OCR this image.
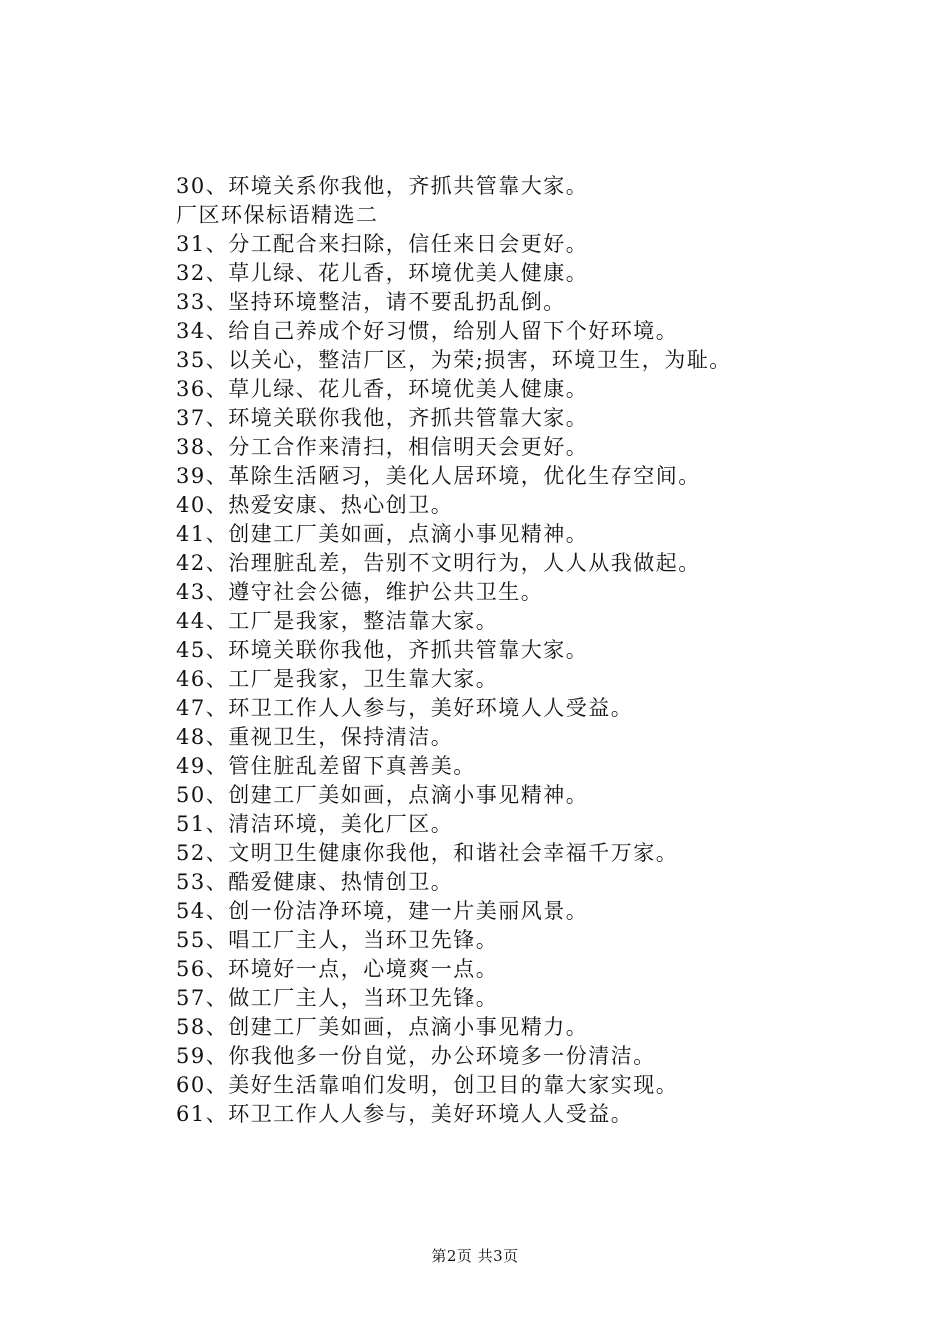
30、环境关系你我他，齐抓共管靠大家。
厂区环保标语精选二
31、分工配合来扫除，信任来日会更好。
32、草儿绿、花儿香，环境优美人健康。
33、坚持环境整洁，请不要乱扔乱倒。
34、给自己养成个好习惯，给别人留下个好环境。
35、以关心，整洁厂区，为荣;损害，环境卫生，为耻。
36、草儿绿、花儿香，环境优美人健康。
37、环境关联你我他，齐抓共管靠大家。
38、分工合作来清扫，相信明天会更好。
39、革除生活陋习，美化人居环境，优化生存空间。
40、热爱安康、热心创卫。
41、创建工厂美如画，点滴小事见精神。
42、治理脏乱差，告别不文明行为，人人从我做起。
43、遵守社会公德，维护公共卫生。
44、工厂是我家，整洁靠大家。
45、环境关联你我他，齐抓共管靠大家。
46、工厂是我家，卫生靠大家。
47、环卫工作人人参与，美好环境人人受益。
48、重视卫生，保持清洁。
49、管住脏乱差留下真善美。
50、创建工厂美如画，点滴小事见精神。
51、清洁环境，美化厂区。
52、文明卫生健康你我他，和谐社会幸福千万家。
53、酷爱健康、热情创卫。
54、创一份洁净环境，建一片美丽风景。
55、唱工厂主人，当环卫先锋。
56、环境好一点，心境爽一点。
57、做工厂主人，当环卫先锋。
58、创建工厂美如画，点滴小事见精力。
59、你我他多一份自觉，办公环境多一份清洁。
60、美好生活靠咱们发明，创卫目的靠大家实现。
61、环卫工作人人参与，美好环境人人受益。
第2页 共3页
